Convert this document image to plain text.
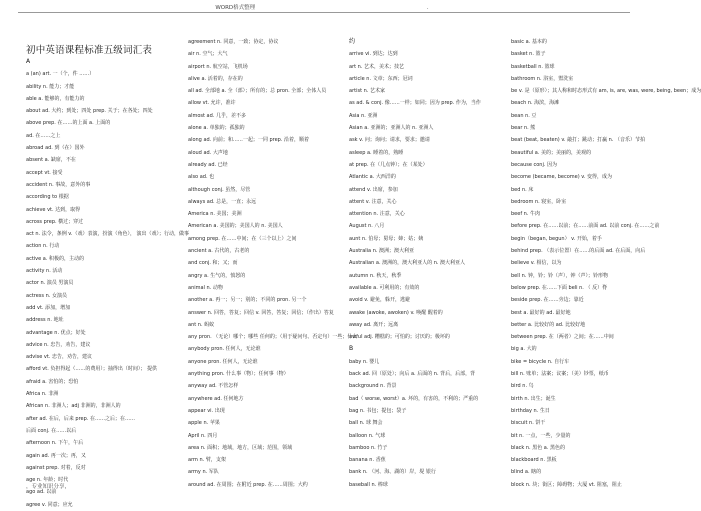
WORD格式整理	.
初中英语课程标准五级词汇表
A
a (an) art. 一（个，件 ……）
ability n. 能力；才能
able a. 能够的，有能力的
about ad. 大约；到处；四处 prep. 关于；在各处；四处
above prep. 在……的上面 a. 上面的
ad. 在……之上
abroad ad. 到（在）国外
absent a. 缺席，不在
accept vt. 接受
accident n. 事故，意外的事
according to 根据
achieve vt. 达到，取得
across prep. 横过；穿过
act n. 法令，条例 v.（戏）表演，扮演（角色）， 演出（戏）；行动，做事
action n. 行动
active a. 积极的，主动的
activity n. 活动
actor n. 演员 男演员
actress n. 女演员
add vt. 添加，增加
address n. 地址
advantage n. 优点；好处
advice n. 忠告，劝告，建议
advise vt. 忠告，劝告，建议
afford vt. 负担得起（……的费用）；抽得出（时间）； 提供
afraid a. 害怕的；恐怕
Africa n. 非洲
African n. 非洲人；adj 非洲的，非洲人的
after ad. 在后，后来 prep. 在……之后；在……
后面 conj. 在……以后
afternoon n. 下午，午后
again ad. 再一次；再，又
against prep. 对着，反对
age n. 年龄；时代
ago ad. 以前
agree v. 同意；应允
agreement n. 同意，一致；协定，协议
air n. 空气；大气
airport n. 航空站，飞机场
alive a. 活着的，存在的
all ad. 全部地 a. 全（部）；所有的；总 pron. 全部；全体人员
allow vt. 允许，准许
almost ad. 几乎，差不多
alone a. 单独的；孤独的
along ad. 向前；和……一起；一同 prep. 沿着，顺着
aloud ad. 大声地
already ad. 已经
also ad. 也
although conj. 虽然，尽管
always ad. 总是，一直；永远
America n. 美国；美洲
American a. 美国的；美国人的 n. 美国人
among prep. 在……中间；在（三个以上）之间
ancient a. 古代的，古老的
and conj. 和；又；而
angry a. 生气的，愤怒的
animal n. 动物
another a. 再一；另一；别的；不同的 pron. 另一个
answer n. 回答，答复；回信 v. 回答，答复；回信；（作出）答复
ant n. 蚂蚁
any pron. （无论）哪个；哪些 任何的；（用于疑问句、否定句）一些；什么
anybody pron. 任何人，无论谁
anyone pron. 任何人，无论谁
anything pron. 什么事（物）；任何事（物）
anyway ad. 不管怎样
anywhere ad. 任何地方
appear vi. 出现
apple n. 苹果
April n. 四月
area n. 面积；地域，地方，区域；范围，领域
arm n. 臂，支架
army n. 军队
around ad. 在周围；在附近 prep. 在……周围；大约
约
arrive vi. 到达；达到
art n. 艺术，美术；技艺
article n. 文章；东西；冠词
artist n. 艺术家
as ad. & conj. 像……一样；如同；因为 prep. 作为，当作
Asia n. 亚洲
Asian a. 亚洲的；亚洲人的 n. 亚洲人
ask v. 问；询问；请求，要求；邀请
asleep a. 睡着的，熟睡
at prep. 在（几点钟）；在（某处）
Atlantic a. 大西洋的
attend v. 出席，参加
attent v. 注意，关心
attention n. 注意，关心
August n. 八月
aunt n. 伯母；舅母；婶；姑；姨
Australia n. 澳洲；澳大利亚
Australian a. 澳洲的，澳大利亚人的 n. 澳大利亚人
autumn n. 秋天，秋季
available a. 可利用的；有效的
avoid v. 避免，躲开，逃避
awake (awoke, awoken) v. 唤醒 醒着的
away ad. 离开；远离
awful adj. 糟糕的；可怕的；讨厌的；极坏的
B
baby n. 婴儿
back ad. 回（原处）；向后 a. 后面的 n. 背后，后部，背
background n. 背景
bad（ worse, worst）a. 坏的，有害的，不利的；严重的
bag n. 书包；提包；袋子
ball n. 球 舞会
balloon n. 气球
bamboo n. 竹子
banana n. 香蕉
bank n. （河、海、湖的）岸，堤 银行
baseball n. 棒球
basic a. 基本的
basket n. 篮子
basketball n. 篮球
bathroom n. 浴室，盥洗室
be v. 是（原形）；其人称和时态形式有 am, is, are, was, were, being, been；成为
beach n. 海滨，海滩
bean n. 豆
bear n. 熊
beat (beat, beaten) v. 敲打；跳动；打赢 n. （音乐）节拍
beautiful a. 美的；美丽的，美观的
because conj. 因为
become (became, become) v. 变得，成为
bed n. 床
bedroom n. 寝室，卧室
beef n. 牛肉
before prep. 在……以前；在……前面 ad. 以前 conj. 在……之前
begin（began, begun） v. 开始，着手
behind prep. （表示位置）在……的后面 ad. 在后面，向后
believe v. 相信，以为
bell n. 钟，铃；铃（声），钟（声）；铃形物
below prep. 在……下面 beli n. （ 反）脊
beside prep. 在……旁边；靠近
best a. 最好的 ad. 最好地
better a. 比较好的 ad. 比较好地
between prep. 在（两者）之间；在……中间
big a. 大的
bike = bicycle n. 自行车
bill n. 账单；法案；议案；（美）钞票，纸币
bird n. 鸟
birth n. 出生；诞生
birthday n. 生日
biscuit n. 饼干
bit n. 一点，一些，少量的
black n. 黑色 a. 黑色的
blackboard n. 黑板
blind a. 瞎的
block n. 块；街区；障碍物；大厦 vt. 阻塞，阻止
，专业知识分享，
